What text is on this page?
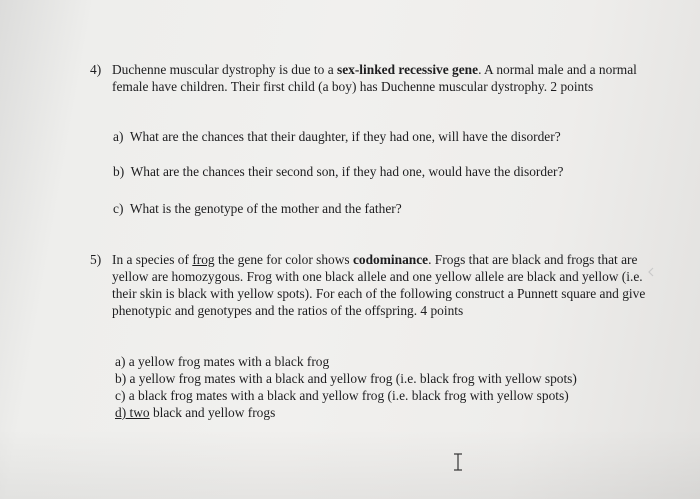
4) Duchenne muscular dystrophy is due to a sex-linked recessive gene. A normal male and a normal female have children. Their first child (a boy) has Duchenne muscular dystrophy. 2 points
a) What are the chances that their daughter, if they had one, will have the disorder?
b) What are the chances their second son, if they had one, would have the disorder?
c) What is the genotype of the mother and the father?
5) In a species of frog the gene for color shows codominance. Frogs that are black and frogs that are yellow are homozygous. Frog with one black allele and one yellow allele are black and yellow (i.e. their skin is black with yellow spots). For each of the following construct a Punnett square and give phenotypic and genotypes and the ratios of the offspring. 4 points
a) a yellow frog mates with a black frog
b) a yellow frog mates with a black and yellow frog (i.e. black frog with yellow spots)
c) a black frog mates with a black and yellow frog (i.e. black frog with yellow spots)
d) two black and yellow frogs
